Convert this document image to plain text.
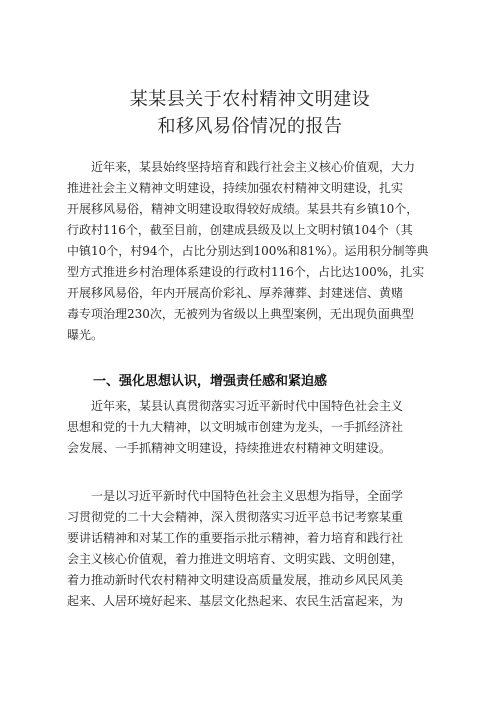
某某县关于农村精神文明建设
和移风易俗情况的报告
近年来，某县始终坚持培育和践行社会主义核心价值观，大力
推进社会主义精神文明建设，持续加强农村精神文明建设，扎实
开展移风易俗，精神文明建设取得较好成绩。某县共有乡镇10个，
行政村116个，截至目前，创建成县级及以上文明村镇104个（其
中镇10个，村94个，占比分别达到100%和81%）。运用积分制等典
型方式推进乡村治理体系建设的行政村116个，占比达100%，扎实
开展移风易俗，年内开展高价彩礼、厚养薄葬、封建迷信、黄赌
毒专项治理230次，无被列为省级以上典型案例，无出现负面典型
曝光。
一、强化思想认识，增强责任感和紧迫感
近年来，某县认真贯彻落实习近平新时代中国特色社会主义
思想和党的十九大精神，以文明城市创建为龙头，一手抓经济社
会发展、一手抓精神文明建设，持续推进农村精神文明建设。
一是以习近平新时代中国特色社会主义思想为指导，全面学
习贯彻党的二十大会精神，深入贯彻落实习近平总书记考察某重
要讲话精神和对某工作的重要指示批示精神，着力培育和践行社
会主义核心价值观，着力推进文明培育、文明实践、文明创建，
着力推动新时代农村精神文明建设高质量发展，推动乡风民风美
起来、人居环境好起来、基层文化热起来、农民生活富起来，为
